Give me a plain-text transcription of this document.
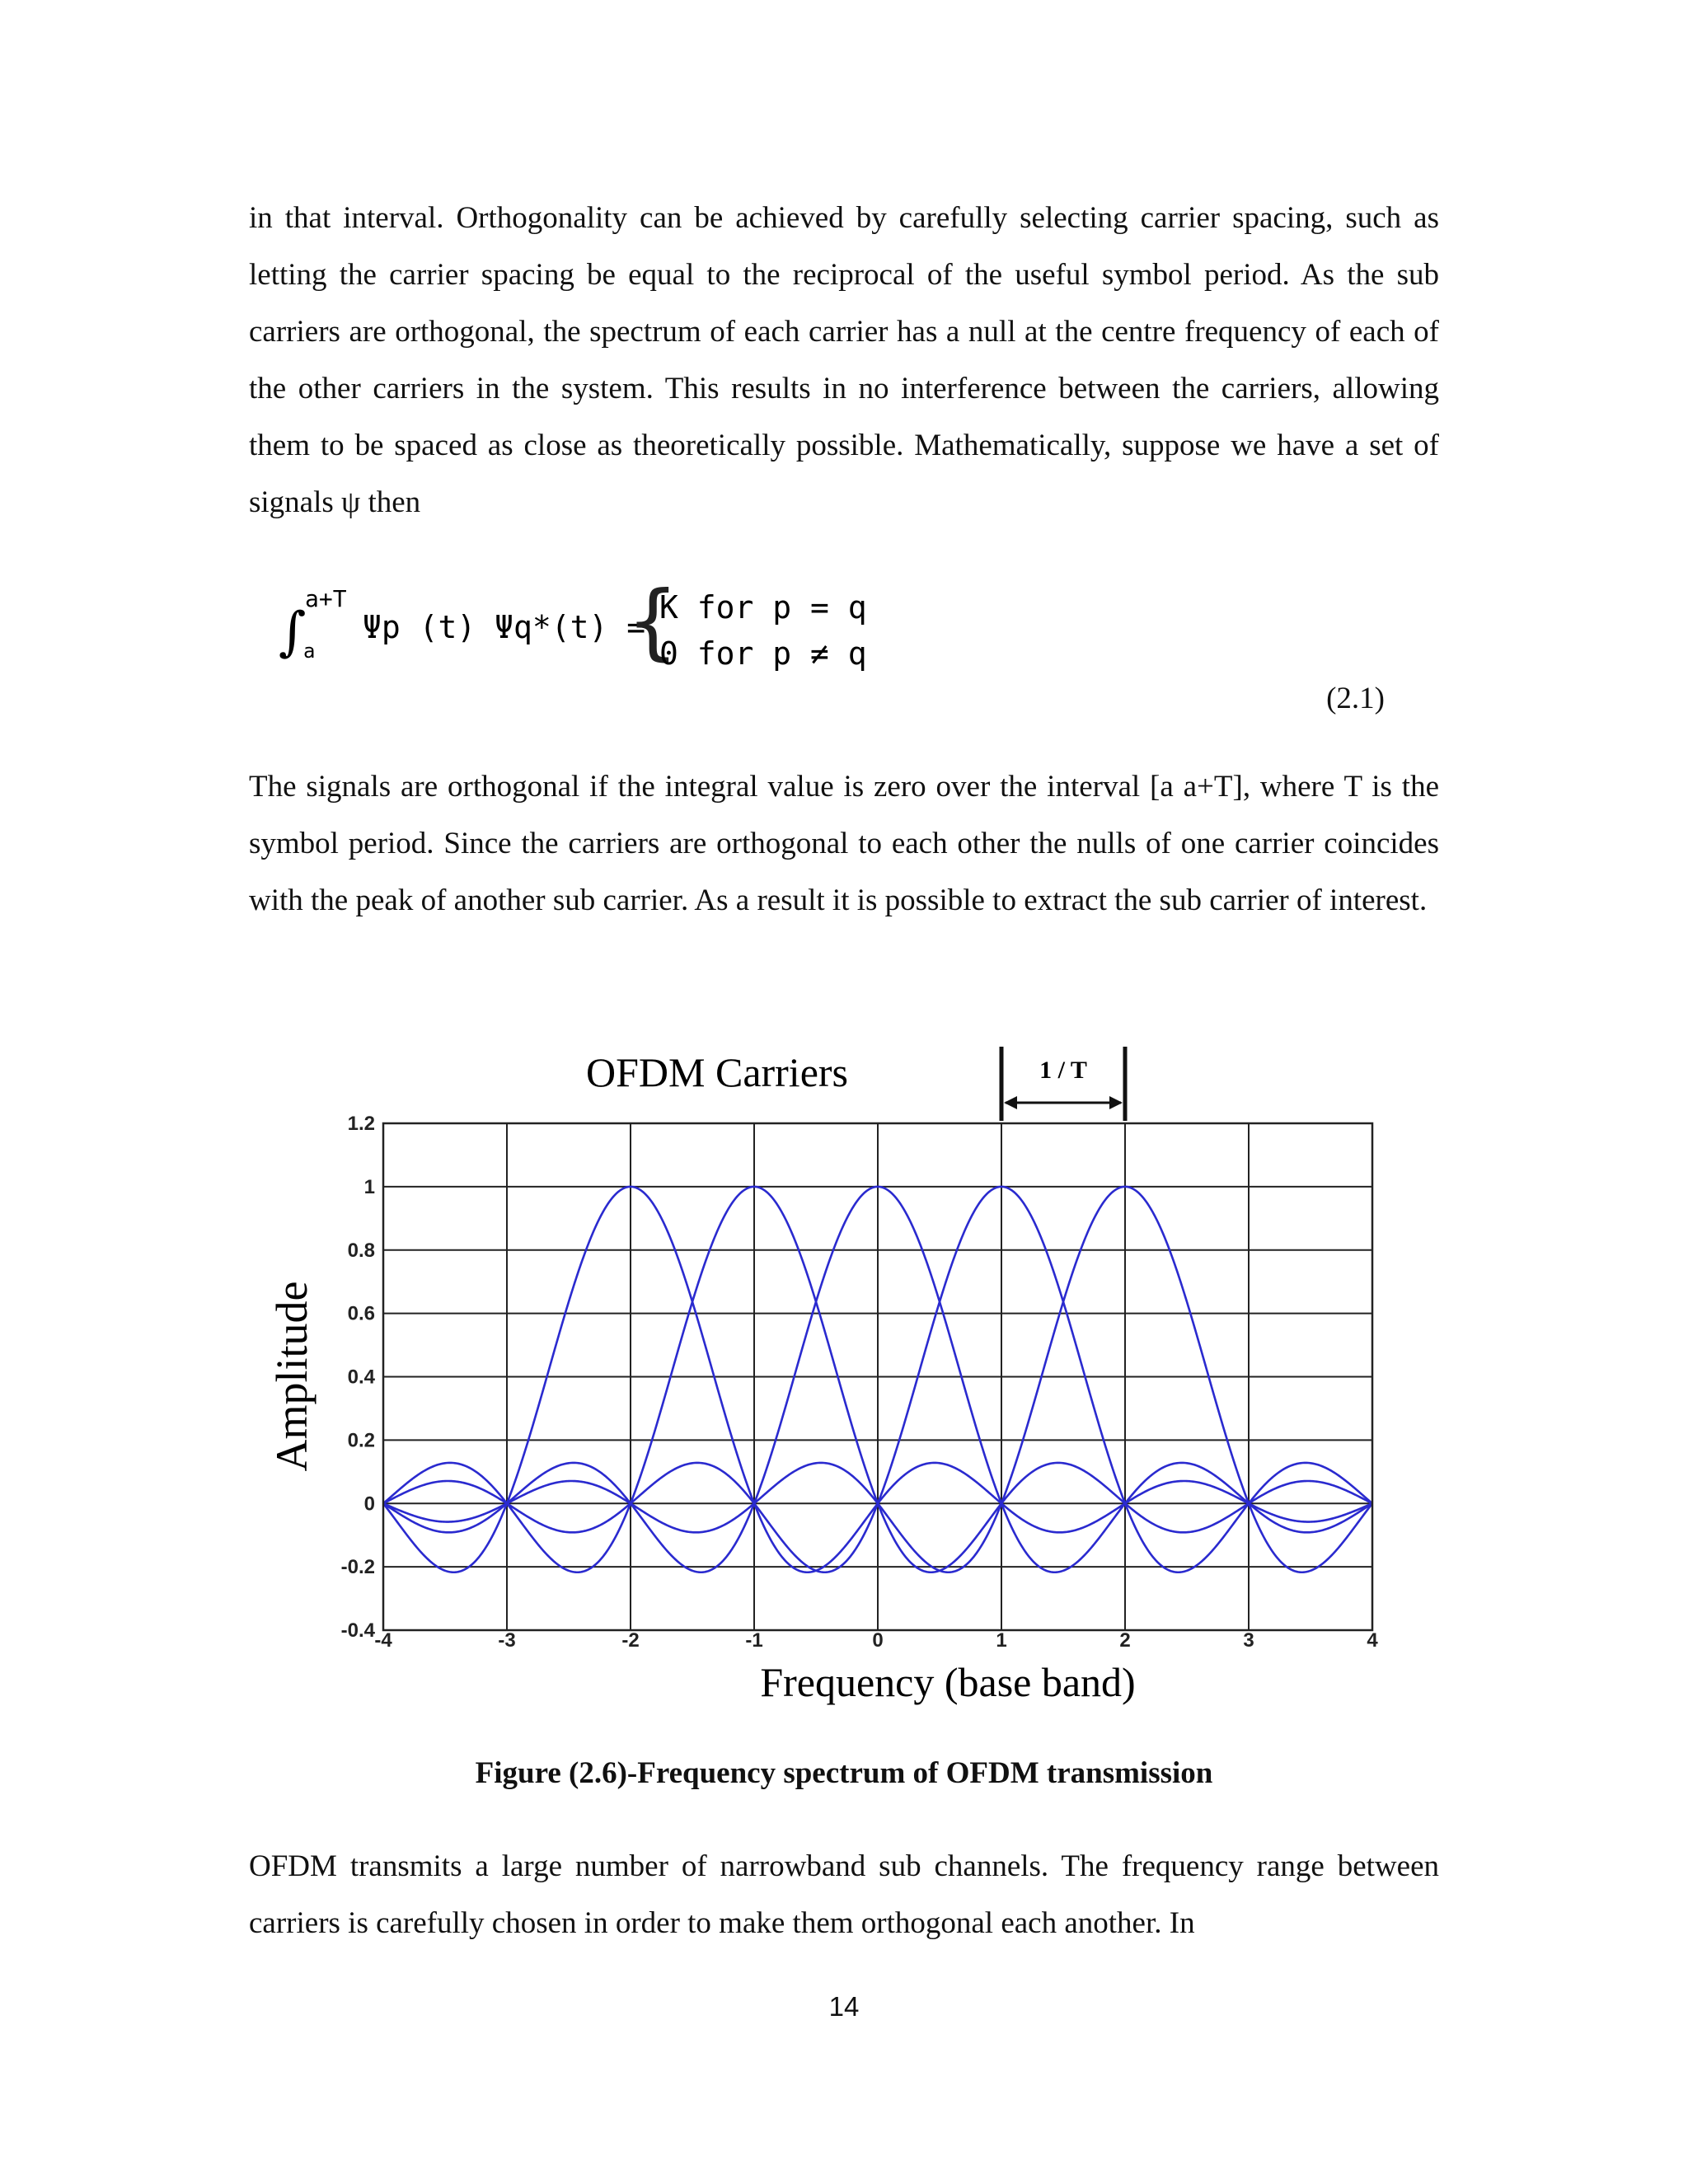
in that interval. Orthogonality can be achieved by carefully selecting carrier spacing, such as letting the carrier spacing be equal to the reciprocal of the useful symbol period. As the sub carriers are orthogonal, the spectrum of each carrier has a null at the centre frequency of each of the other carriers in the system. This results in no interference between the carriers, allowing them to be spaced as close as theoretically possible. Mathematically, suppose we have a set of signals ψ then

∫
a+T
a
Ψp (t) Ψq*(t) =
{
K for p = q
0 for p ≠ q
(2.1)

The signals are orthogonal if the integral value is zero over the interval [a a+T], where T is the symbol period. Since the carriers are orthogonal to each other the nulls of one carrier coincides with the peak of another sub carrier. As a result it is possible to extract the sub carrier of interest.

-4	-3	-2	-1	0	1	2	3	4
-0.4
-0.2
0
0.2
0.4
0.6
0.8
1
1.2
OFDM Carriers
Frequency (base band)
Amplitude
1 / T
Figure (2.6)-Frequency spectrum of OFDM transmission

OFDM transmits a large number of narrowband sub channels. The frequency range between carriers is carefully chosen in order to make them orthogonal each another. In

14
